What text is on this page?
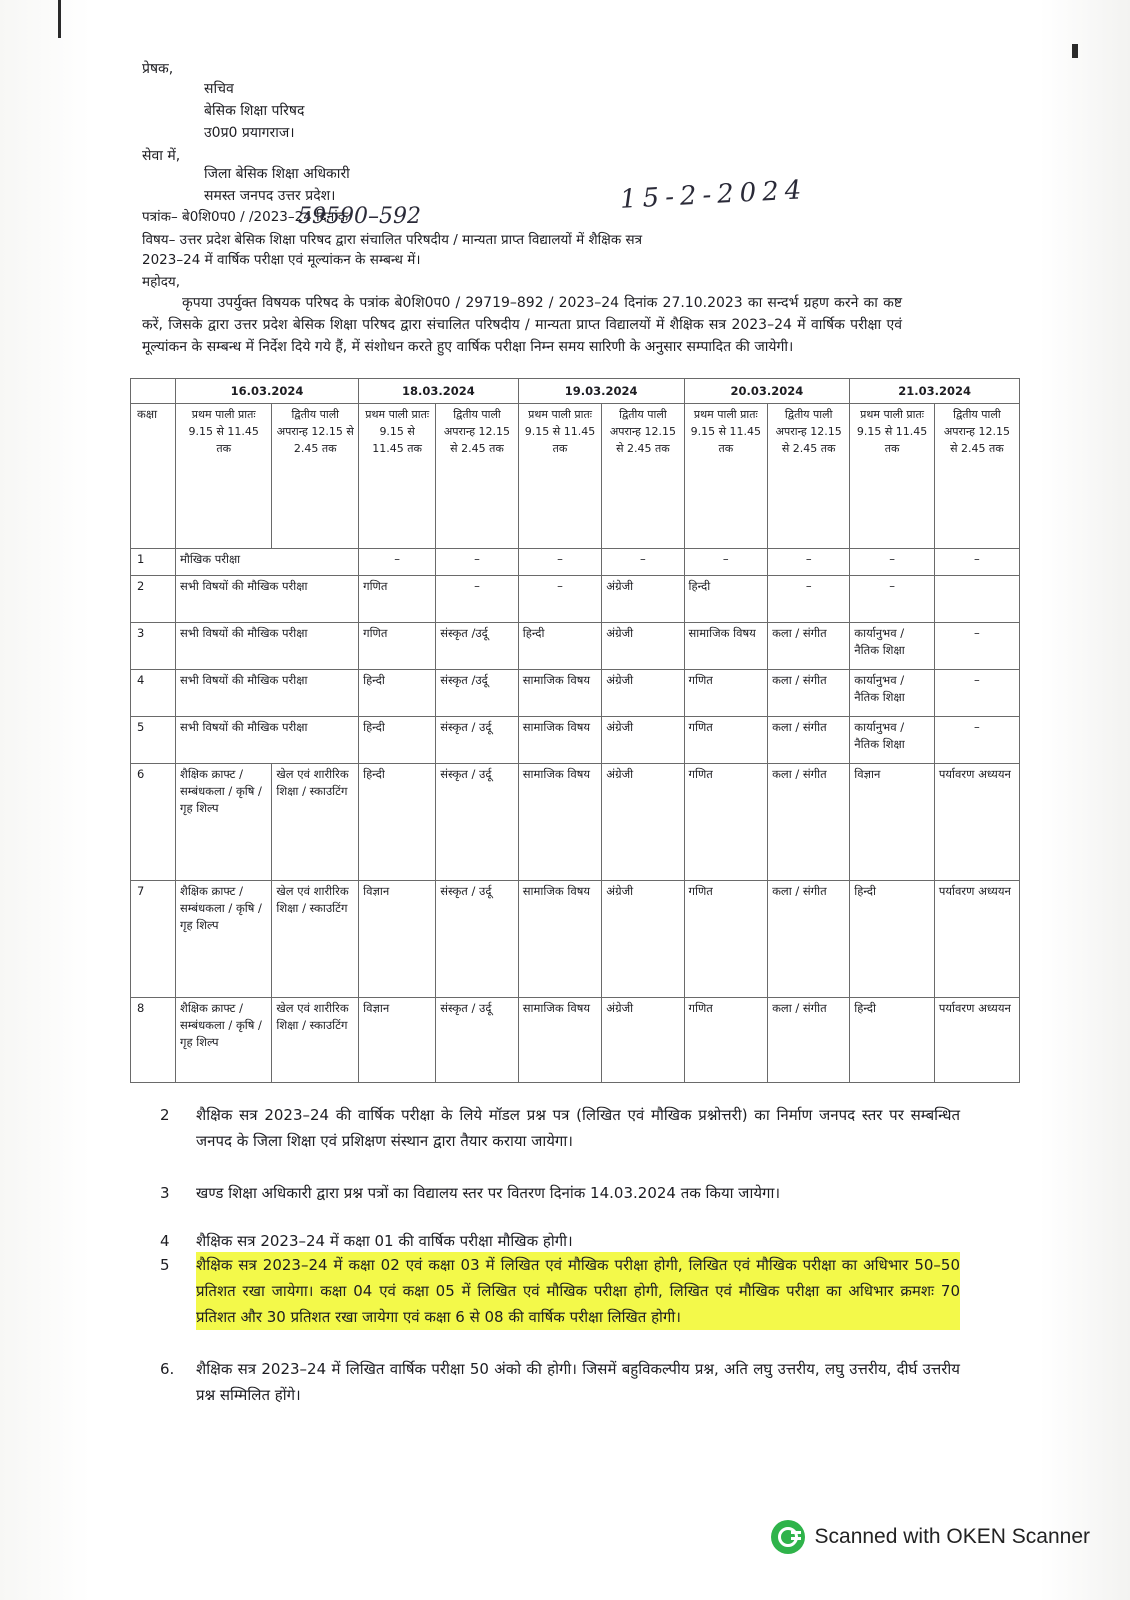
प्रेषक,
सचिव
बेसिक शिक्षा परिषद
उ0प्र0 प्रयागराज।
सेवा में,
जिला बेसिक शिक्षा अधिकारी
समस्त जनपद उत्तर प्रदेश।
पत्रांक– बे0शि0प0 / /2023–24 दिनांक
59590–592
15-2-2024
विषय– उत्तर प्रदेश बेसिक शिक्षा परिषद द्वारा संचालित परिषदीय / मान्यता प्राप्त विद्यालयों में शैक्षिक सत्र
2023–24 में वार्षिक परीक्षा एवं मूल्यांकन के सम्बन्ध में।
महोदय,
कृपया उपर्युक्त विषयक परिषद के पत्रांक बे0शि0प0 / 29719–892 / 2023–24 दिनांक 27.10.2023 का सन्दर्भ ग्रहण करने का कष्ट करें, जिसके द्वारा उत्तर प्रदेश बेसिक शिक्षा परिषद द्वारा संचालित परिषदीय / मान्यता प्राप्त विद्यालयों में शैक्षिक सत्र 2023–24 में वार्षिक परीक्षा एवं मूल्यांकन के सम्बन्ध में निर्देश दिये गये हैं, में संशोधन करते हुए वार्षिक परीक्षा निम्न समय सारिणी के अनुसार सम्पादित की जायेगी।
	16.03.2024		18.03.2024		19.03.2024		20.03.2024		21.03.2024	
कक्षा	प्रथम पाली प्रातः 9.15 से 11.45 तक	द्वितीय पाली अपरान्ह 12.15 से 2.45 तक	प्रथम पाली प्रातः 9.15 से 11.45 तक	द्वितीय पाली अपरान्ह 12.15 से 2.45 तक	प्रथम पाली प्रातः 9.15 से 11.45 तक	द्वितीय पाली अपरान्ह 12.15 से 2.45 तक	प्रथम पाली प्रातः 9.15 से 11.45 तक	द्वितीय पाली अपरान्ह 12.15 से 2.45 तक	प्रथम पाली प्रातः 9.15 से 11.45 तक	द्वितीय पाली अपरान्ह 12.15 से 2.45 तक
1	मौखिक परीक्षा		–	–	–	–	–	–	–	–
2	सभी विषयों की मौखिक परीक्षा		गणित	–	–	अंग्रेजी	हिन्दी	–	–	
3	सभी विषयों की मौखिक परीक्षा		गणित	संस्कृत /उर्दू	हिन्दी	अंग्रेजी	सामाजिक विषय	कला / संगीत	कार्यानुभव / नैतिक शिक्षा	–
4	सभी विषयों की मौखिक परीक्षा		हिन्दी	संस्कृत /उर्दू	सामाजिक विषय	अंग्रेजी	गणित	कला / संगीत	कार्यानुभव / नैतिक शिक्षा	–
5	सभी विषयों की मौखिक परीक्षा		हिन्दी	संस्कृत / उर्दू	सामाजिक विषय	अंग्रेजी	गणित	कला / संगीत	कार्यानुभव / नैतिक शिक्षा	–
6	शैक्षिक क्राफ्ट / सम्बंधकला / कृषि / गृह शिल्प	खेल एवं शारीरिक शिक्षा / स्काउटिंग	हिन्दी	संस्कृत / उर्दू	सामाजिक विषय	अंग्रेजी	गणित	कला / संगीत	विज्ञान	पर्यावरण अध्ययन
7	शैक्षिक क्राफ्ट / सम्बंधकला / कृषि / गृह शिल्प	खेल एवं शारीरिक शिक्षा / स्काउटिंग	विज्ञान	संस्कृत / उर्दू	सामाजिक विषय	अंग्रेजी	गणित	कला / संगीत	हिन्दी	पर्यावरण अध्ययन
8	शैक्षिक क्राफ्ट / सम्बंधकला / कृषि / गृह शिल्प	खेल एवं शारीरिक शिक्षा / स्काउटिंग	विज्ञान	संस्कृत / उर्दू	सामाजिक विषय	अंग्रेजी	गणित	कला / संगीत	हिन्दी	पर्यावरण अध्ययन
2 शैक्षिक सत्र 2023–24 की वार्षिक परीक्षा के लिये मॉडल प्रश्न पत्र (लिखित एवं मौखिक प्रश्नोत्तरी) का निर्माण जनपद स्तर पर सम्बन्धित जनपद के जिला शिक्षा एवं प्रशिक्षण संस्थान द्वारा तैयार कराया जायेगा।
3 खण्ड शिक्षा अधिकारी द्वारा प्रश्न पत्रों का विद्यालय स्तर पर वितरण दिनांक 14.03.2024 तक किया जायेगा।
4 शैक्षिक सत्र 2023–24 में कक्षा 01 की वार्षिक परीक्षा मौखिक होगी।
5 शैक्षिक सत्र 2023–24 में कक्षा 02 एवं कक्षा 03 में लिखित एवं मौखिक परीक्षा होगी, लिखित एवं मौखिक परीक्षा का अधिभार 50–50 प्रतिशत रखा जायेगा। कक्षा 04 एवं कक्षा 05 में लिखित एवं मौखिक परीक्षा होगी, लिखित एवं मौखिक परीक्षा का अधिभार क्रमशः 70 प्रतिशत और 30 प्रतिशत रखा जायेगा एवं कक्षा 6 से 08 की वार्षिक परीक्षा लिखित होगी।
6. शैक्षिक सत्र 2023–24 में लिखित वार्षिक परीक्षा 50 अंको की होगी। जिसमें बहुविकल्पीय प्रश्न, अति लघु उत्तरीय, लघु उत्तरीय, दीर्घ उत्तरीय प्रश्न सम्मिलित होंगे।
Scanned with OKEN Scanner
